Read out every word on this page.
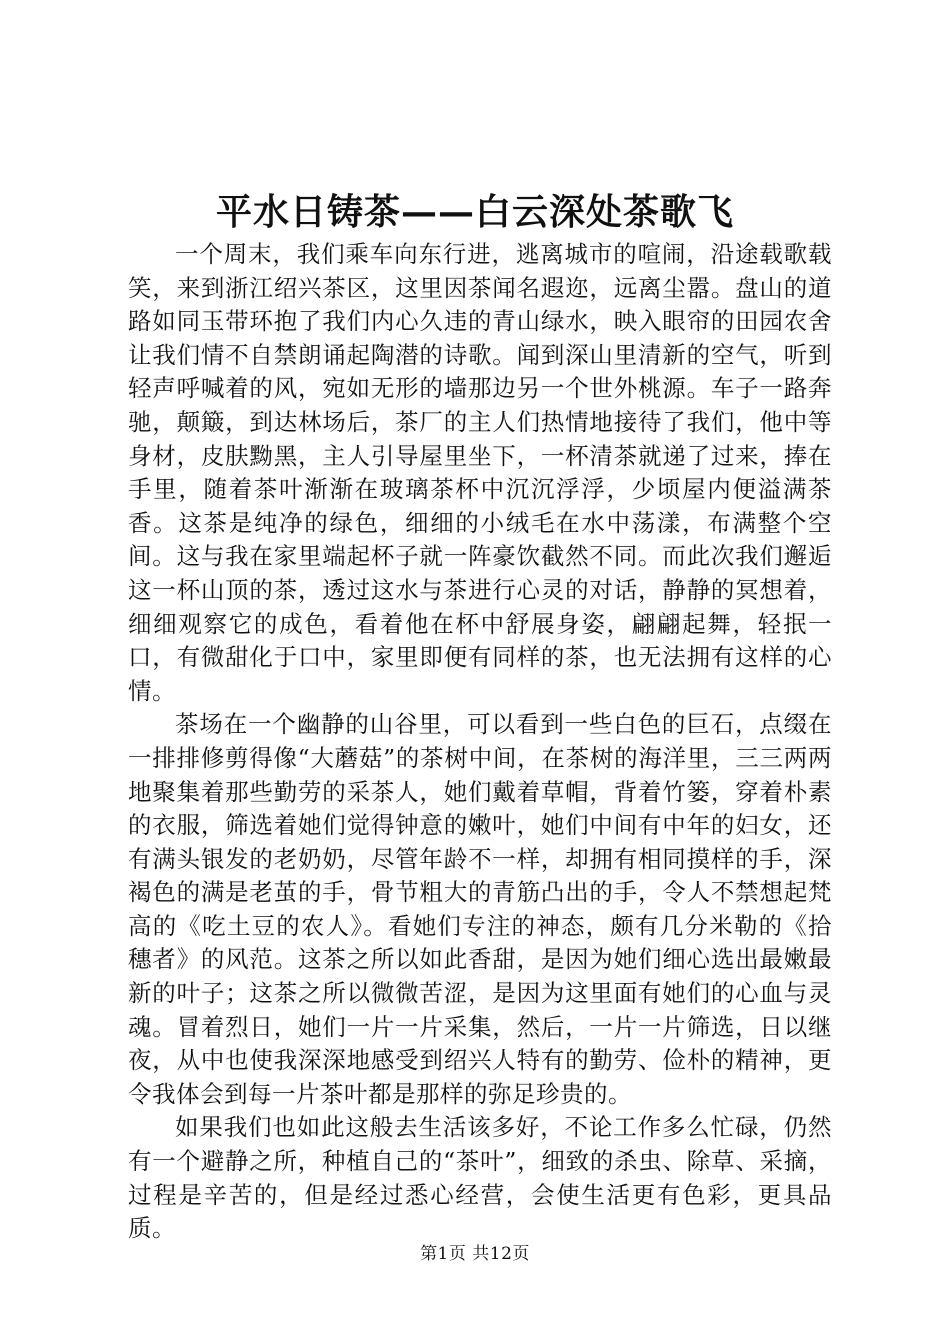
平水日铸茶——白云深处茶歌飞

一个周末，我们乘车向东行进，逃离城市的喧闹，沿途载歌载笑，来到浙江绍兴茶区，这里因茶闻名遐迩，远离尘嚣。盘山的道路如同玉带环抱了我们内心久违的青山绿水，映入眼帘的田园农舍让我们情不自禁朗诵起陶潜的诗歌。闻到深山里清新的空气，听到轻声呼喊着的风，宛如无形的墙那边另一个世外桃源。车子一路奔驰，颠簸，到达林场后，茶厂的主人们热情地接待了我们，他中等身材，皮肤黝黑，主人引导屋里坐下，一杯清茶就递了过来，捧在手里，随着茶叶渐渐在玻璃茶杯中沉沉浮浮，少顷屋内便溢满茶香。这茶是纯净的绿色，细细的小绒毛在水中荡漾，布满整个空间。这与我在家里端起杯子就一阵豪饮截然不同。而此次我们邂逅这一杯山顶的茶，透过这水与茶进行心灵的对话，静静的冥想着，细细观察它的成色，看着他在杯中舒展身姿，翩翩起舞，轻抿一口，有微甜化于口中，家里即便有同样的茶，也无法拥有这样的心情。

茶场在一个幽静的山谷里，可以看到一些白色的巨石，点缀在一排排修剪得像“大蘑菇”的茶树中间，在茶树的海洋里，三三两两地聚集着那些勤劳的采茶人，她们戴着草帽，背着竹篓，穿着朴素的衣服，筛选着她们觉得钟意的嫩叶，她们中间有中年的妇女，还有满头银发的老奶奶，尽管年龄不一样，却拥有相同摸样的手，深褐色的满是老茧的手，骨节粗大的青筋凸出的手，令人不禁想起梵高的《吃土豆的农人》。看她们专注的神态，颇有几分米勒的《拾穗者》的风范。这茶之所以如此香甜，是因为她们细心选出最嫩最新的叶子；这茶之所以微微苦涩，是因为这里面有她们的心血与灵魂。冒着烈日，她们一片一片采集，然后，一片一片筛选，日以继夜，从中也使我深深地感受到绍兴人特有的勤劳、俭朴的精神，更令我体会到每一片茶叶都是那样的弥足珍贵的。

如果我们也如此这般去生活该多好，不论工作多么忙碌，仍然有一个避静之所，种植自己的“茶叶”，细致的杀虫、除草、采摘，过程是辛苦的，但是经过悉心经营，会使生活更有色彩，更具品质。

第1页 共12页
